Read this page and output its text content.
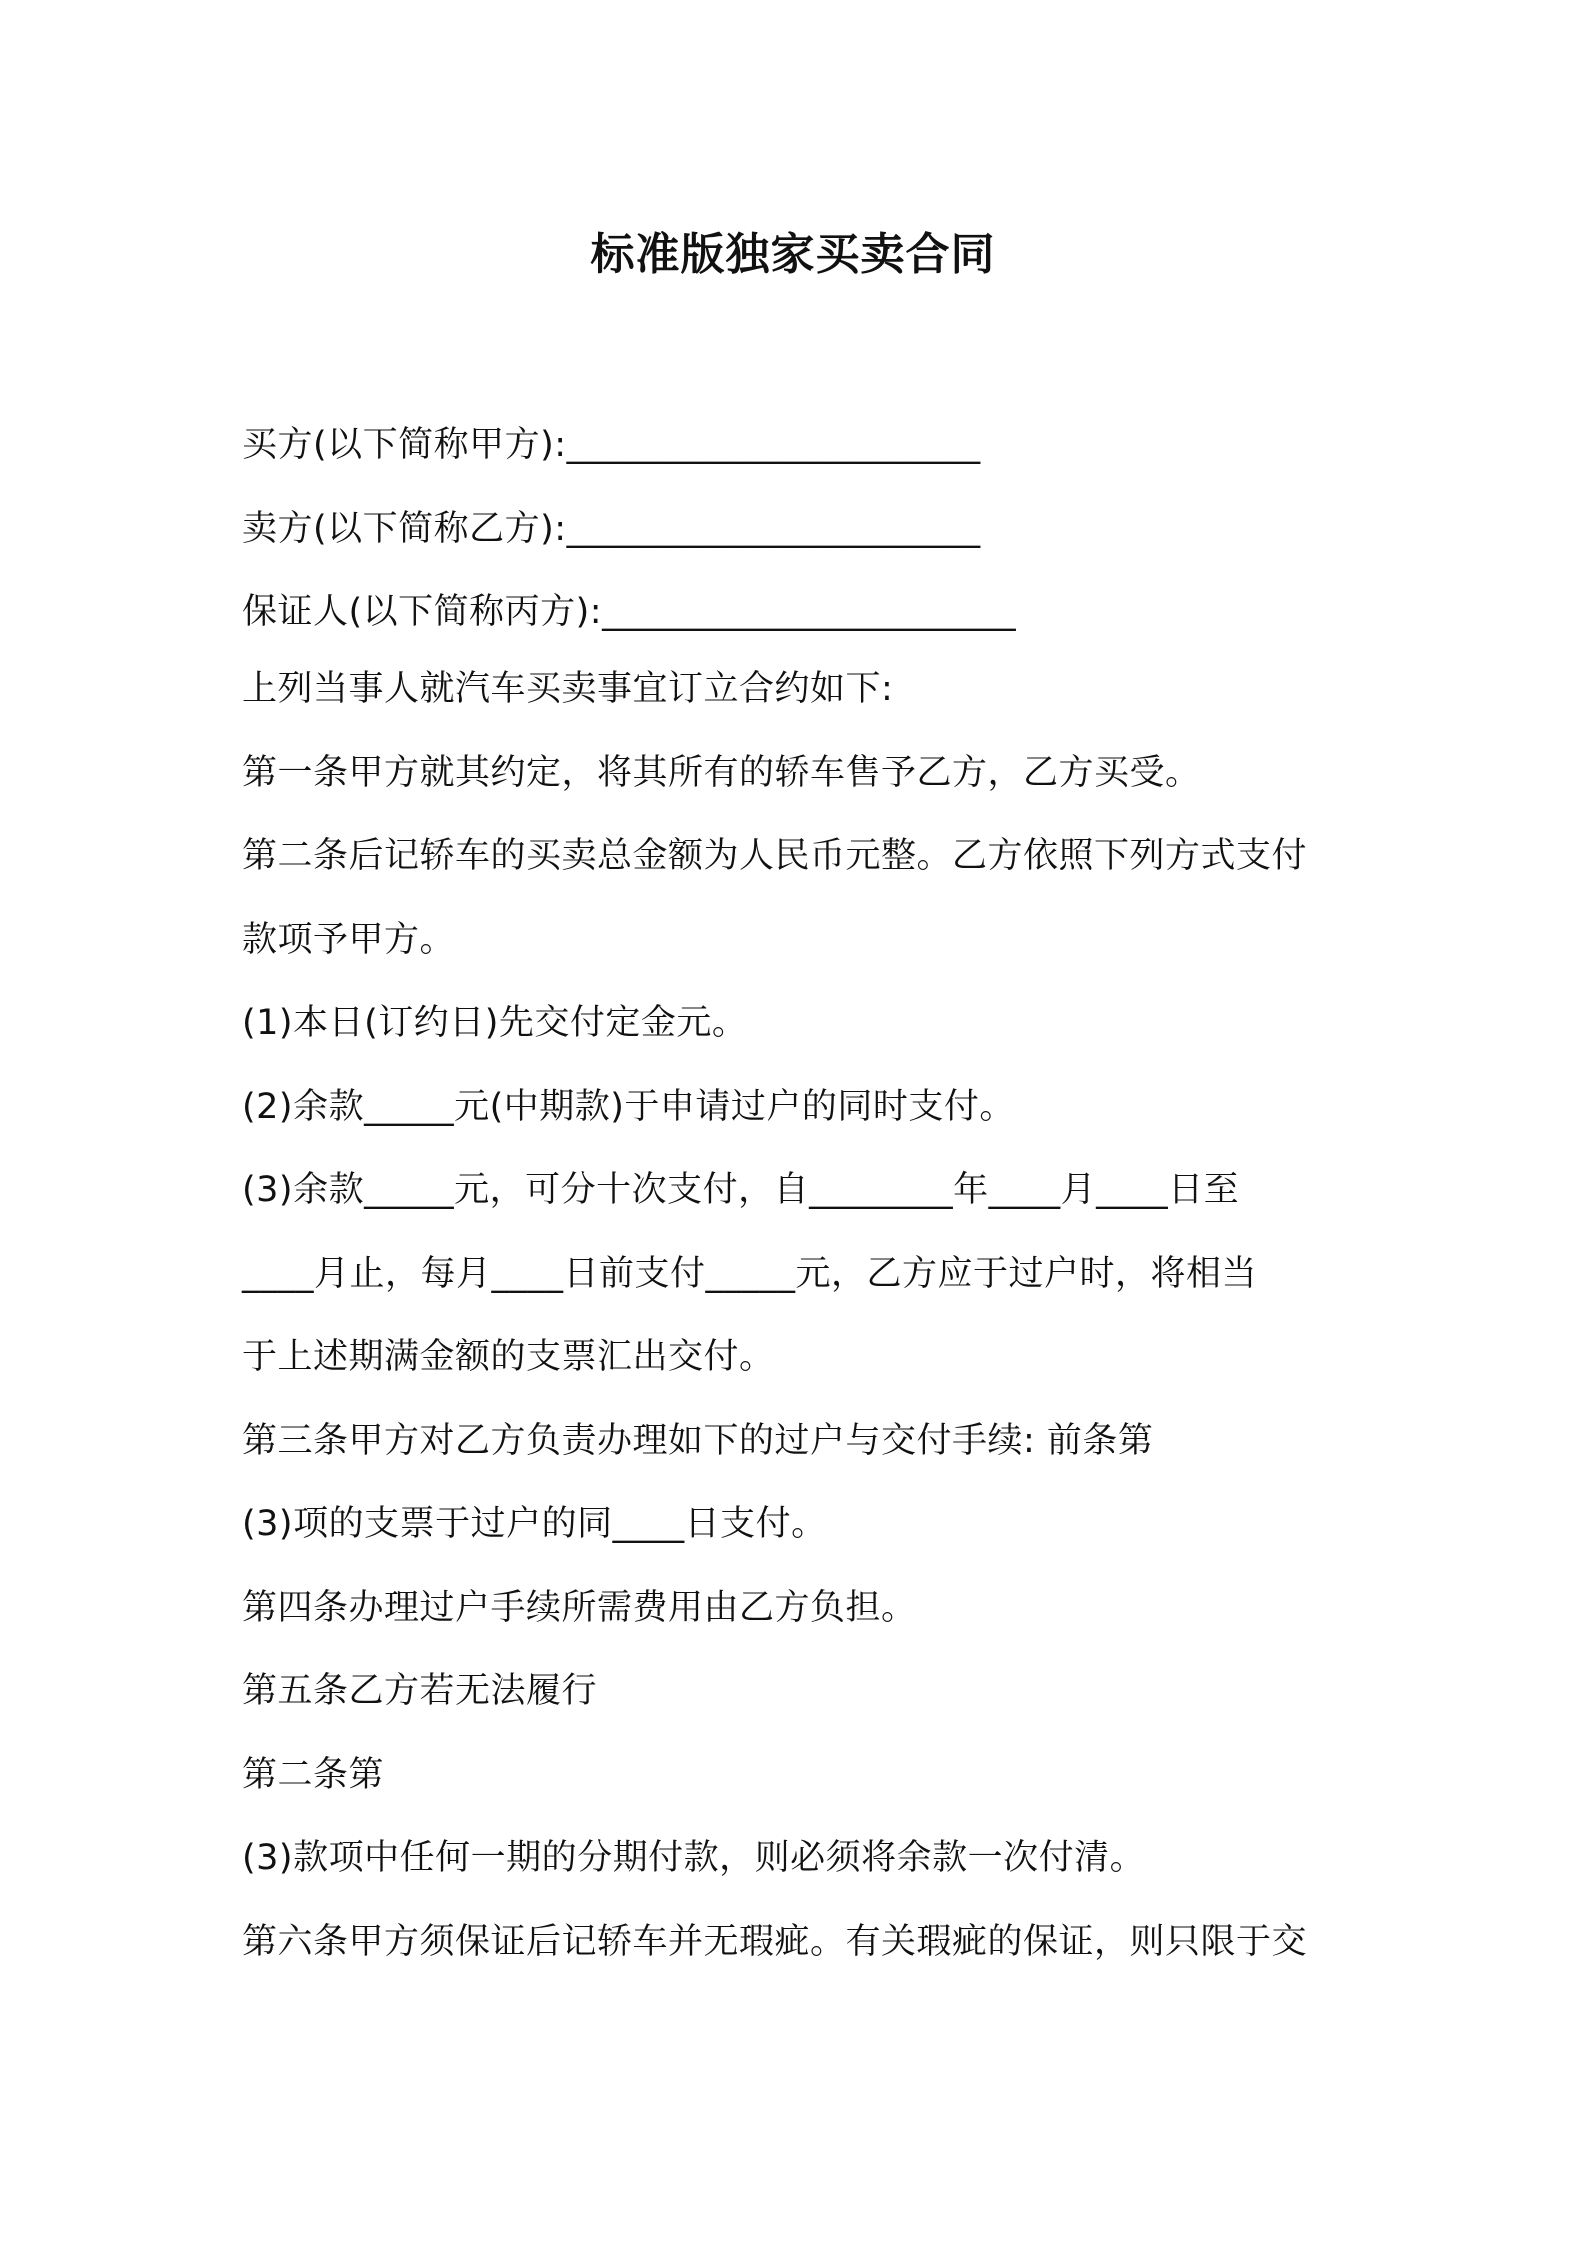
标准版独家买卖合同
买方(以下简称甲方):_______________________
卖方(以下简称乙方):_______________________
保证人(以下简称丙方):_______________________
上列当事人就汽车买卖事宜订立合约如下:
第一条甲方就其约定，将其所有的轿车售予乙方，乙方买受。
第二条后记轿车的买卖总金额为人民币元整。乙方依照下列方式支付
款项予甲方。
(1)本日(订约日)先交付定金元。
(2)余款_____元(中期款)于申请过户的同时支付。
(3)余款_____元，可分十次支付，自________年____月____日至
____月止，每月____日前支付_____元，乙方应于过户时，将相当
于上述期满金额的支票汇出交付。
第三条甲方对乙方负责办理如下的过户与交付手续: 前条第
(3)项的支票于过户的同____日支付。
第四条办理过户手续所需费用由乙方负担。
第五条乙方若无法履行
第二条第
(3)款项中任何一期的分期付款，则必须将余款一次付清。
第六条甲方须保证后记轿车并无瑕疵。有关瑕疵的保证，则只限于交
